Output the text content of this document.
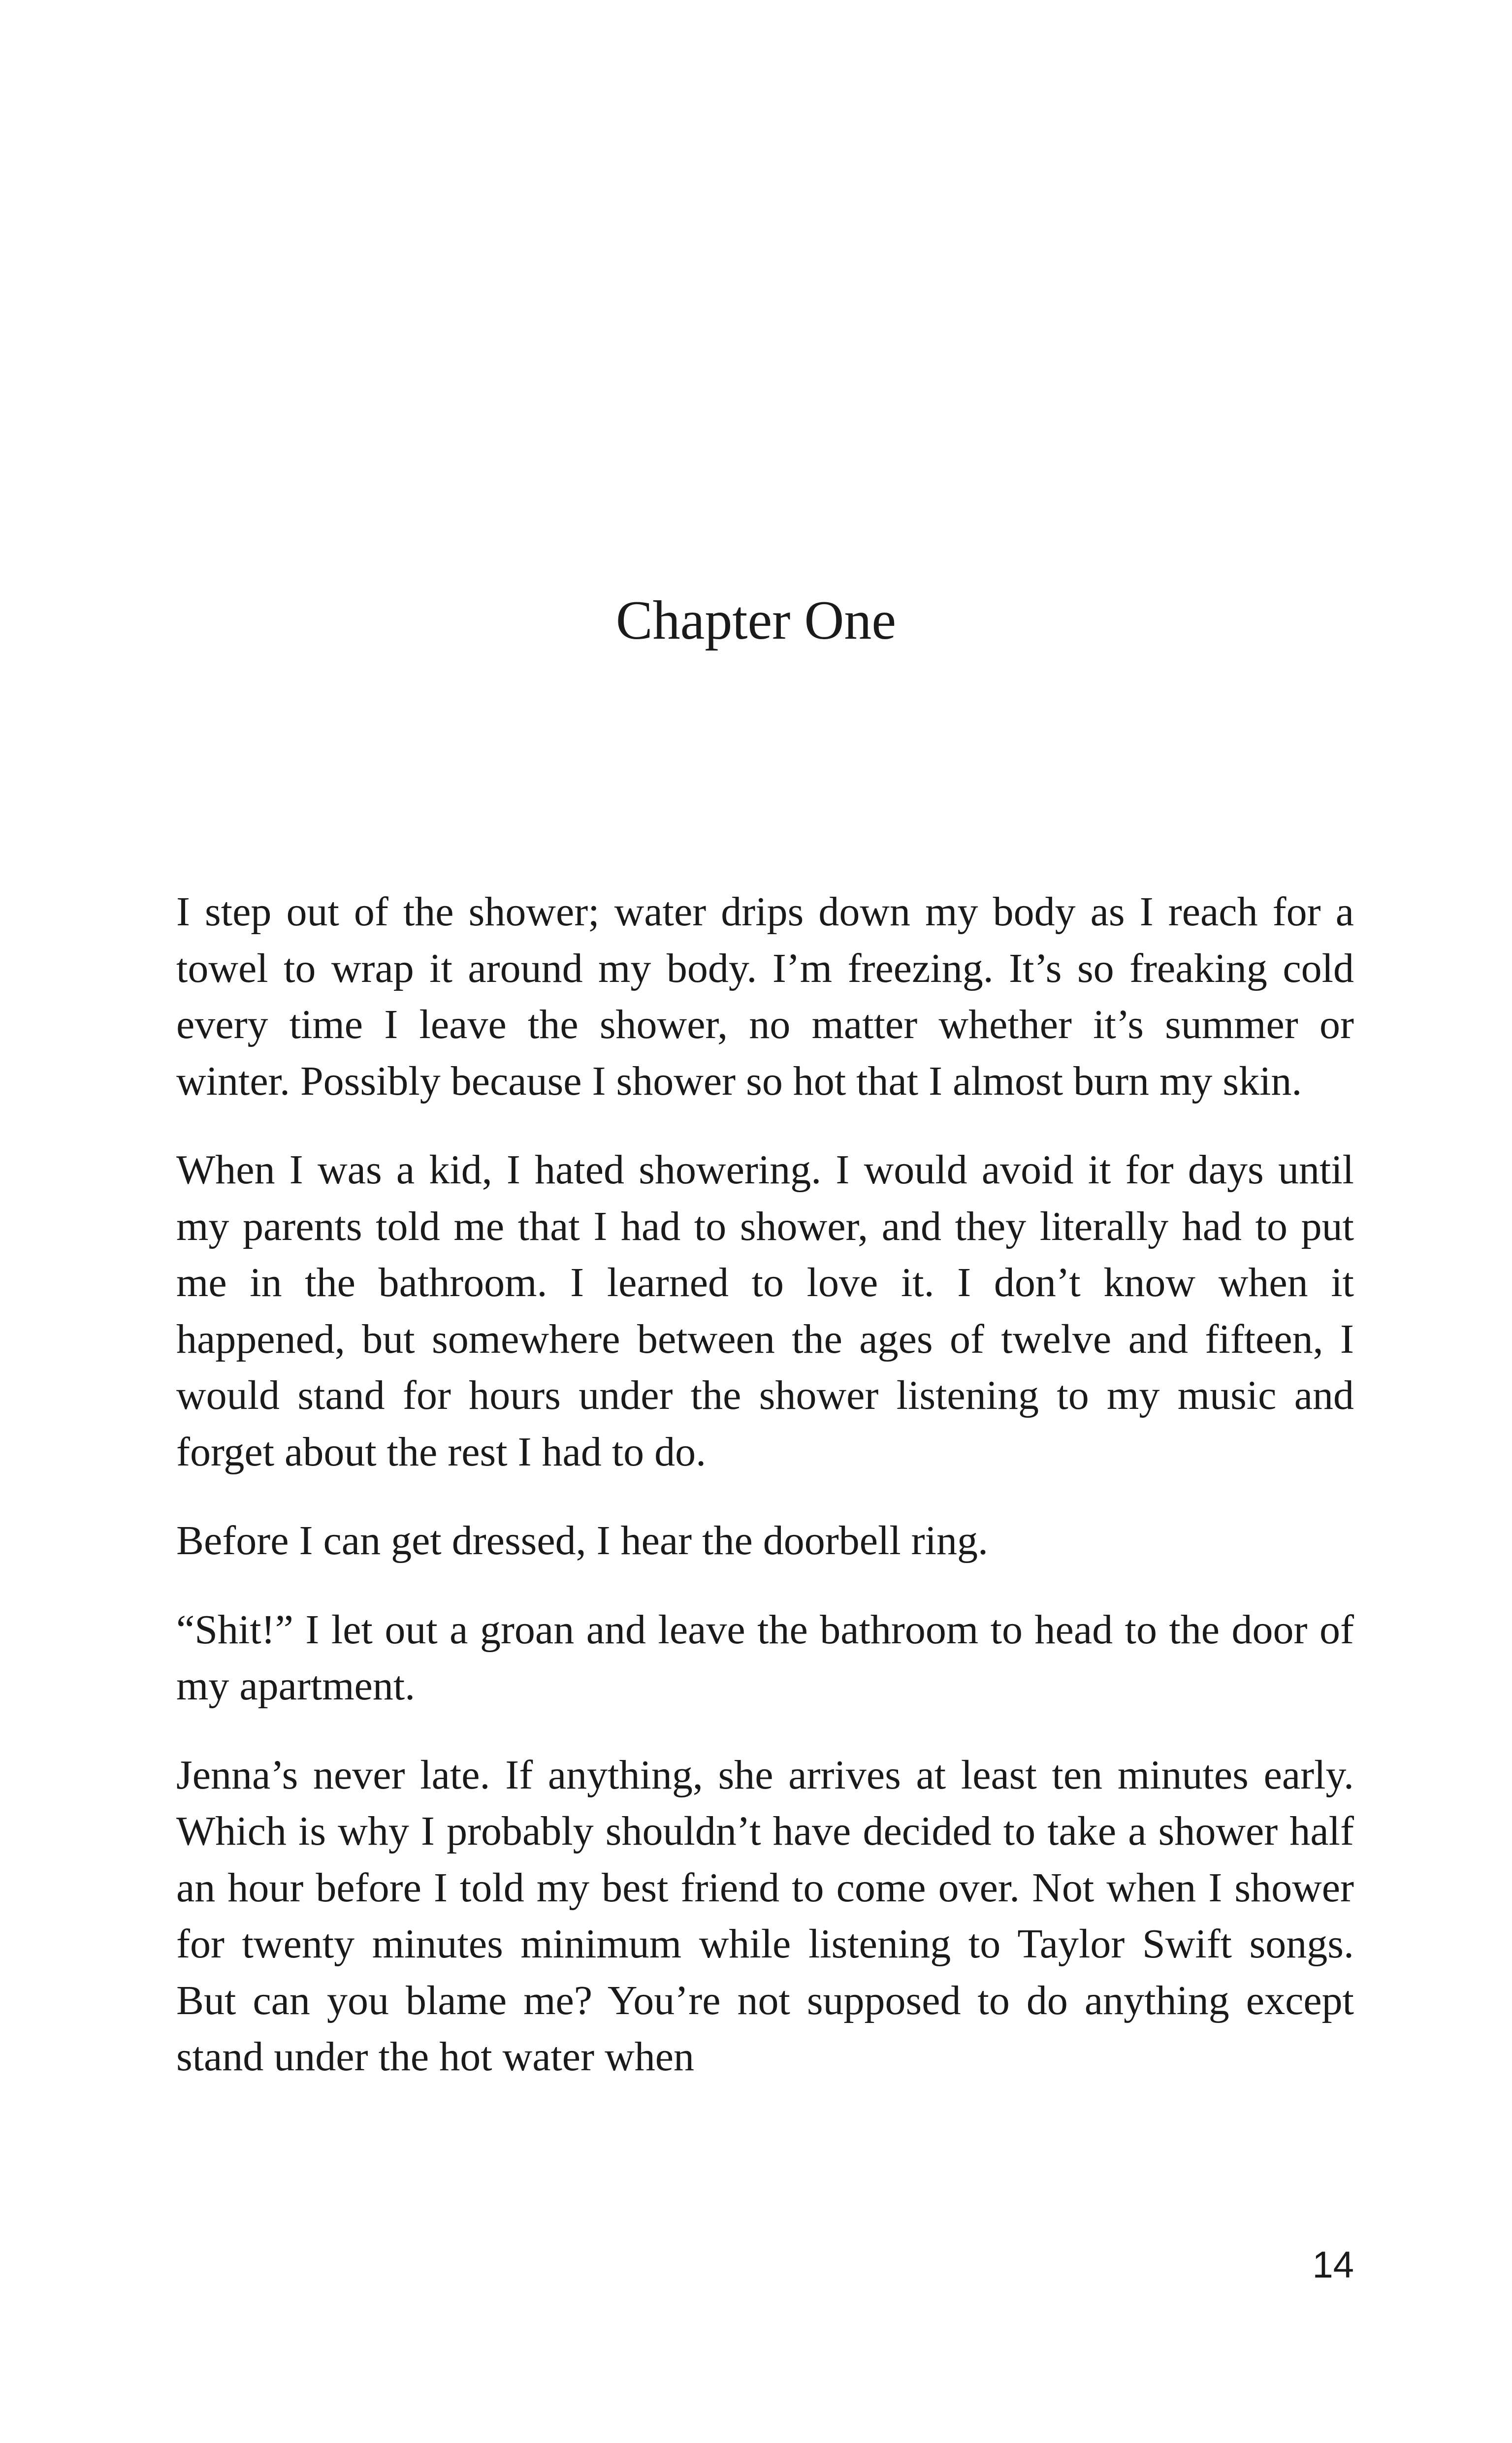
Chapter One

I step out of the shower; water drips down my body as I reach for a towel to wrap it around my body. I’m freezing. It’s so freaking cold every time I leave the shower, no matter whether it’s summer or winter. Possibly because I shower so hot that I almost burn my skin.

When I was a kid, I hated showering. I would avoid it for days until my parents told me that I had to shower, and they literally had to put me in the bathroom. I learned to love it. I don’t know when it happened, but somewhere between the ages of twelve and fifteen, I would stand for hours under the shower listening to my music and forget about the rest I had to do.

Before I can get dressed, I hear the doorbell ring.

“Shit!” I let out a groan and leave the bathroom to head to the door of my apartment.

Jenna’s never late. If anything, she arrives at least ten minutes early. Which is why I probably shouldn’t have decided to take a shower half an hour before I told my best friend to come over. Not when I shower for twenty minutes minimum while listening to Taylor Swift songs. But can you blame me? You’re not supposed to do anything except stand under the hot water when

14
